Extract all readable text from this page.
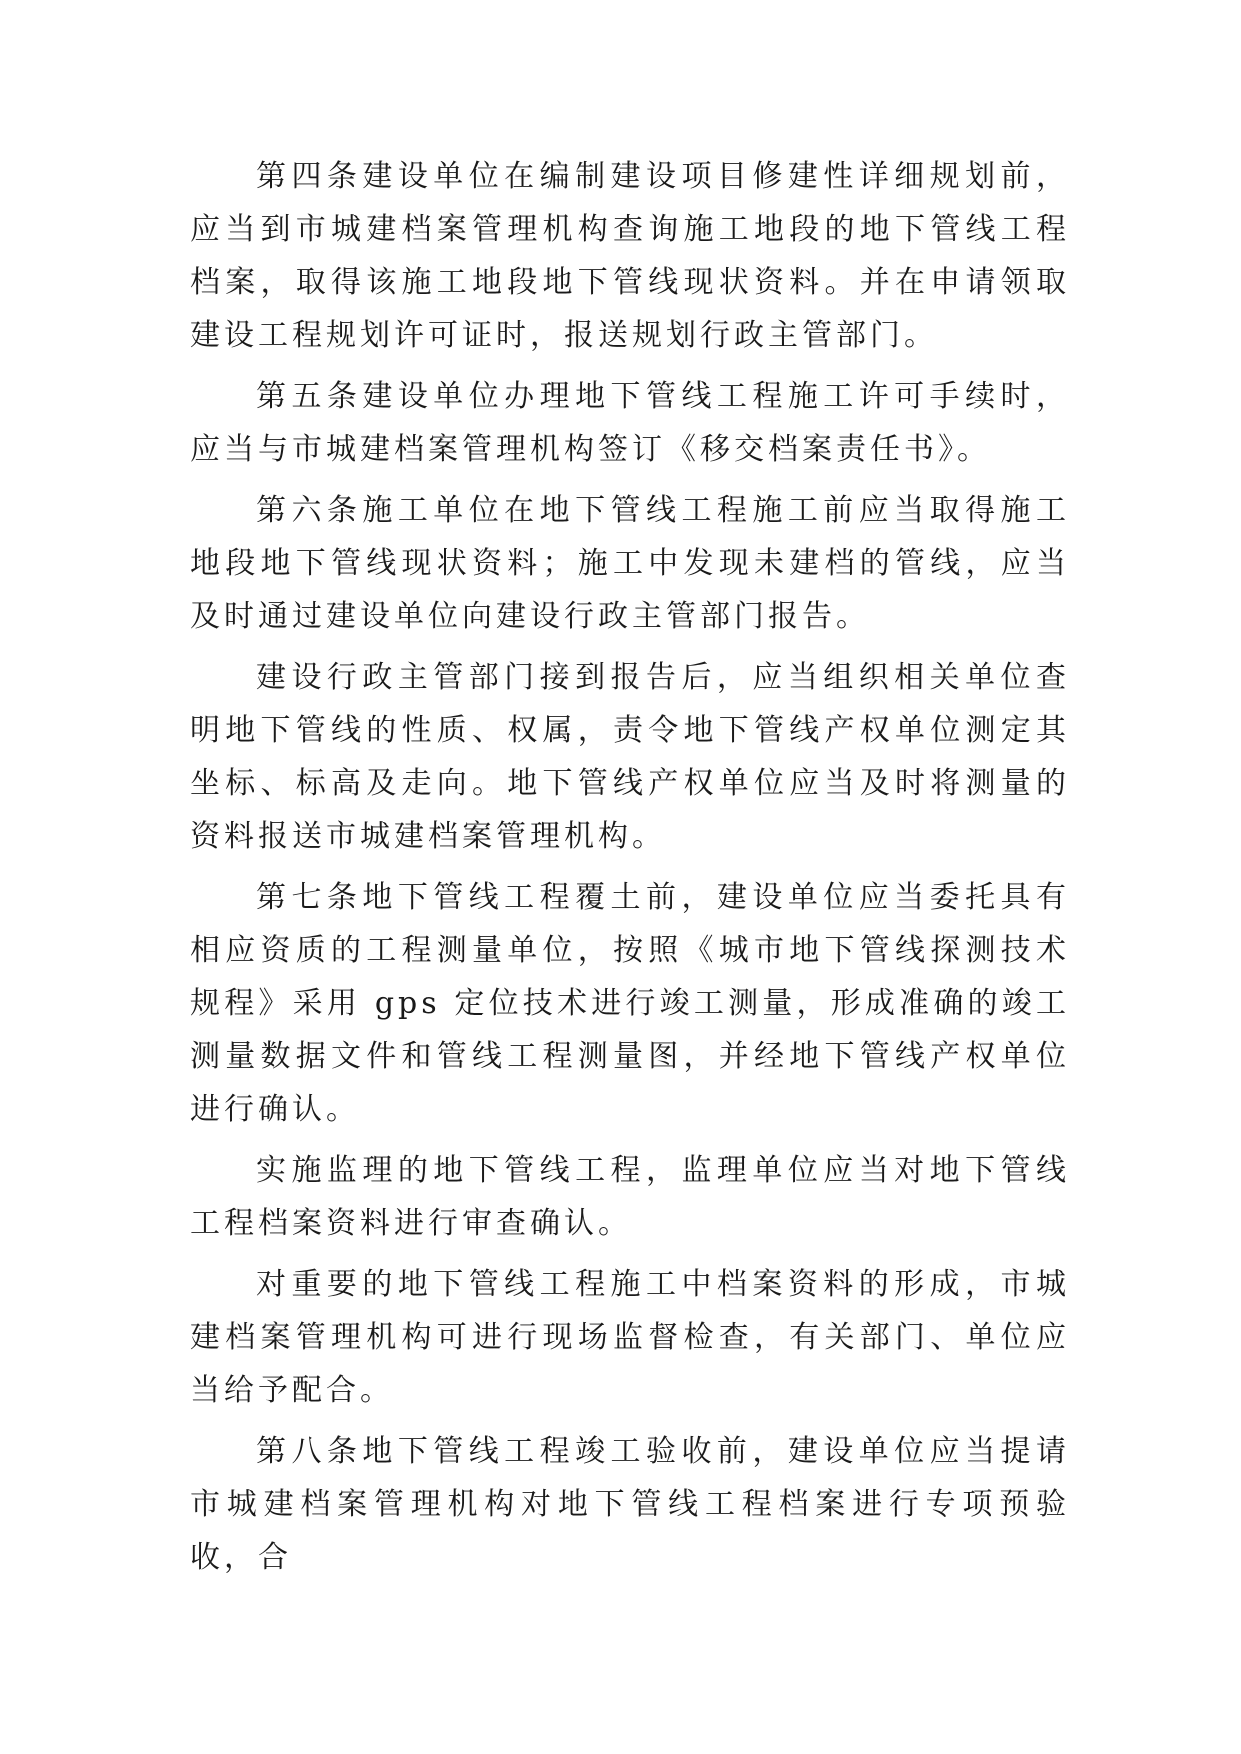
第四条建设单位在编制建设项目修建性详细规划前，应当到市城建档案管理机构查询施工地段的地下管线工程档案，取得该施工地段地下管线现状资料。并在申请领取建设工程规划许可证时，报送规划行政主管部门。

第五条建设单位办理地下管线工程施工许可手续时，应当与市城建档案管理机构签订《移交档案责任书》。

第六条施工单位在地下管线工程施工前应当取得施工地段地下管线现状资料；施工中发现未建档的管线，应当及时通过建设单位向建设行政主管部门报告。

建设行政主管部门接到报告后，应当组织相关单位查明地下管线的性质、权属，责令地下管线产权单位测定其坐标、标高及走向。地下管线产权单位应当及时将测量的资料报送市城建档案管理机构。

第七条地下管线工程覆土前，建设单位应当委托具有相应资质的工程测量单位，按照《城市地下管线探测技术规程》采用 gps 定位技术进行竣工测量，形成准确的竣工测量数据文件和管线工程测量图，并经地下管线产权单位进行确认。

实施监理的地下管线工程，监理单位应当对地下管线工程档案资料进行审查确认。

对重要的地下管线工程施工中档案资料的形成，市城建档案管理机构可进行现场监督检查，有关部门、单位应当给予配合。

第八条地下管线工程竣工验收前，建设单位应当提请市城建档案管理机构对地下管线工程档案进行专项预验收，合
